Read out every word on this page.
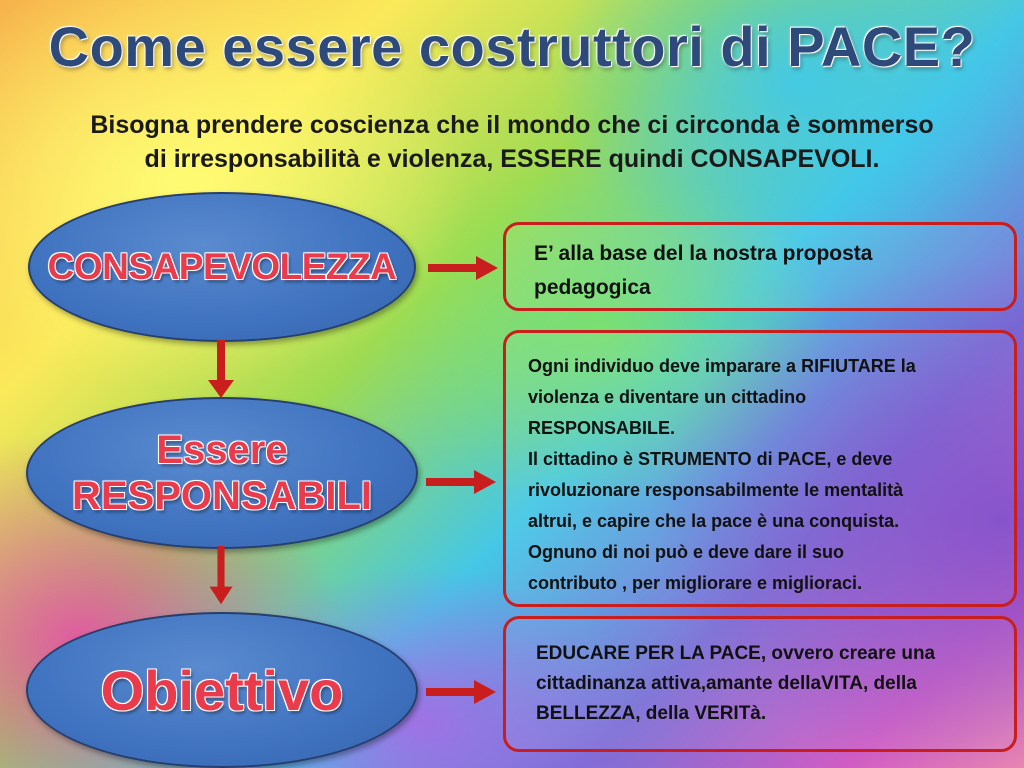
Come essere costruttori di PACE?
Bisogna prendere coscienza che il mondo che ci circonda è sommerso
di irresponsabilità e violenza, ESSERE quindi CONSAPEVOLI.
CONSAPEVOLEZZA
Essere
RESPONSABILI
Obiettivo
E’ alla base del la nostra proposta
pedagogica
Ogni individuo deve imparare a RIFIUTARE la
violenza e diventare un cittadino
RESPONSABILE.
Il cittadino è STRUMENTO di PACE, e deve
rivoluzionare responsabilmente le mentalità
altrui, e capire che la pace è una conquista.
Ognuno di noi può e deve dare il suo
contributo , per migliorare e miglioraci.
EDUCARE PER LA PACE, ovvero creare una
cittadinanza attiva,amante dellaVITA, della
BELLEZZA, della VERITà.
